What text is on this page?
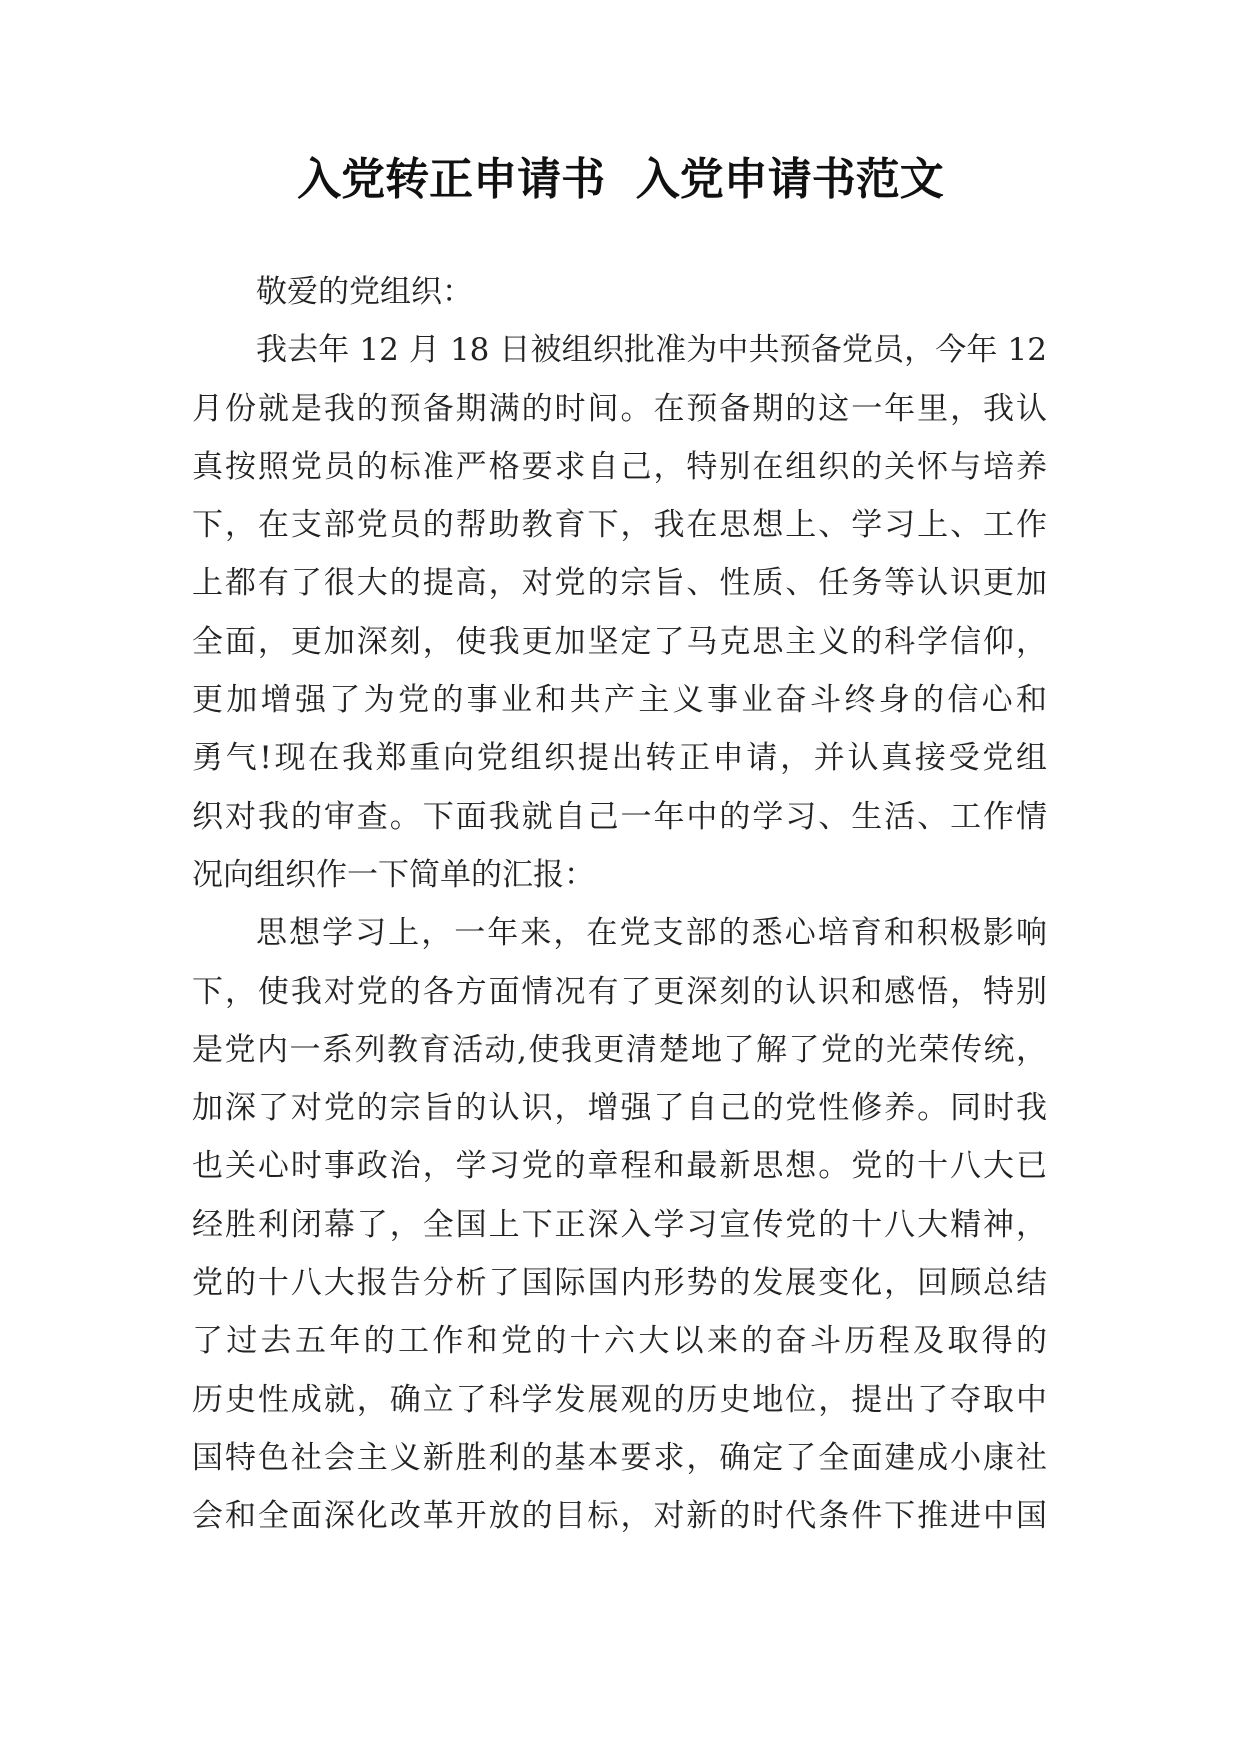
入党转正申请书  入党申请书范文
敬爱的党组织：
我去年 12 月 18 日被组织批准为中共预备党员，今年 12
月份就是我的预备期满的时间。在预备期的这一年里，我认
真按照党员的标准严格要求自己，特别在组织的关怀与培养
下，在支部党员的帮助教育下，我在思想上、学习上、工作
上都有了很大的提高，对党的宗旨、性质、任务等认识更加
全面，更加深刻，使我更加坚定了马克思主义的科学信仰，
更加增强了为党的事业和共产主义事业奋斗终身的信心和
勇气!现在我郑重向党组织提出转正申请，并认真接受党组
织对我的审查。下面我就自己一年中的学习、生活、工作情
况向组织作一下简单的汇报：
思想学习上，一年来，在党支部的悉心培育和积极影响
下，使我对党的各方面情况有了更深刻的认识和感悟，特别
是党内一系列教育活动,使我更清楚地了解了党的光荣传统，
加深了对党的宗旨的认识，增强了自己的党性修养。同时我
也关心时事政治，学习党的章程和最新思想。党的十八大已
经胜利闭幕了，全国上下正深入学习宣传党的十八大精神，
党的十八大报告分析了国际国内形势的发展变化，回顾总结
了过去五年的工作和党的十六大以来的奋斗历程及取得的
历史性成就，确立了科学发展观的历史地位，提出了夺取中
国特色社会主义新胜利的基本要求，确定了全面建成小康社
会和全面深化改革开放的目标，对新的时代条件下推进中国
